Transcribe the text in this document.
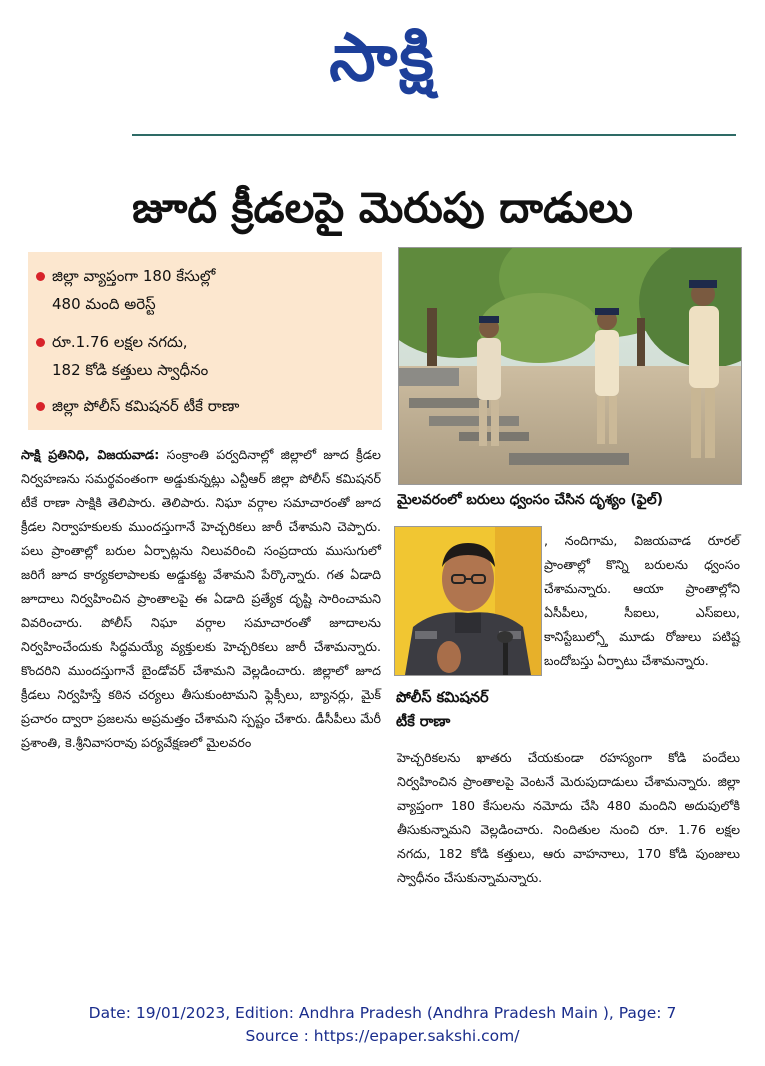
సాక్షి
జూద క్రీడలపై మెరుపు దాడులు
జిల్లా వ్యాప్తంగా 180 కేసుల్లో
480 మంది అరెస్ట్
రూ.1.76 లక్షల నగదు,
182 కోడి కత్తులు స్వాధీనం
జిల్లా పోలీస్ కమిషనర్ టీకే రాణా
మైలవరంలో బరులు ధ్వంసం చేసిన దృశ్యం (ఫైల్)
పోలీస్ కమిషనర్
టీకే రాణా
సాక్షి ప్రతినిధి, విజయవాడ: సంక్రాంతి పర్వదినాల్లో జిల్లాలో జూద క్రీడల నిర్వహణను సమర్థవంతంగా అడ్డుకున్నట్లు ఎన్టీఆర్ జిల్లా పోలీస్ కమిషనర్ టీకే రాణా సాక్షికి తెలిపారు. తెలిపారు. నిఘా వర్గాల సమాచారంతో జూద క్రీడల నిర్వాహకులకు ముందస్తుగానే హెచ్చరికలు జారీ చేశామని చెప్పారు. పలు ప్రాంతాల్లో బరుల ఏర్పాట్లను నిలువరించి సంప్రదాయ ముసుగులో జరిగే జూద కార్యకలాపాలకు అడ్డుకట్ట వేశామని పేర్కొన్నారు. గత ఏడాది జూదాలు నిర్వహించిన ప్రాంతాలపై ఈ ఏడాది ప్రత్యేక దృష్టి సారించామని వివరించారు. పోలీస్ నిఘా వర్గాల సమాచారంతో జూదాలను నిర్వహించేందుకు సిద్ధమయ్యే వ్యక్తులకు హెచ్చరికలు జారీ చేశామన్నారు. కొందరిని ముందస్తుగానే బైండోవర్ చేశామని వెల్లడించారు. జిల్లాలో జూద క్రీడలు నిర్వహిస్తే కఠిన చర్యలు తీసుకుంటామని ఫ్లెక్సీలు, బ్యానర్లు, మైక్ ప్రచారం ద్వారా ప్రజలను అప్రమత్తం చేశామని స్పష్టం చేశారు. డీసీపీలు మేరీ ప్రశాంతి, కె.శ్రీనివాసరావు పర్యవేక్షణలో మైలవరం
, నందిగామ, విజయవాడ రూరల్ ప్రాంతాల్లో కొన్ని బరులను ధ్వంసం చేశామన్నారు. ఆయా ప్రాంతాల్లోని ఏసీపీలు, సీఐలు, ఎస్ఐలు, కానిస్టేబుల్స్తో మూడు రోజులు పటిష్ట బందోబస్తు ఏర్పాటు చేశామన్నారు.
హెచ్చరికలను ఖాతరు చేయకుండా రహస్యంగా కోడి పందేలు నిర్వహించిన ప్రాంతాలపై వెంటనే మెరుపుదాడులు చేశామన్నారు. జిల్లా వ్యాప్తంగా 180 కేసులను నమోదు చేసి 480 మందిని అదుపులోకి తీసుకున్నామని వెల్లడించారు. నిందితుల నుంచి రూ. 1.76 లక్షల నగదు, 182 కోడి కత్తులు, ఆరు వాహనాలు, 170 కోడి పుంజులు స్వాధీనం చేసుకున్నామన్నారు.
Date: 19/01/2023, Edition: Andhra Pradesh (Andhra Pradesh Main ), Page: 7
Source : https://epaper.sakshi.com/
